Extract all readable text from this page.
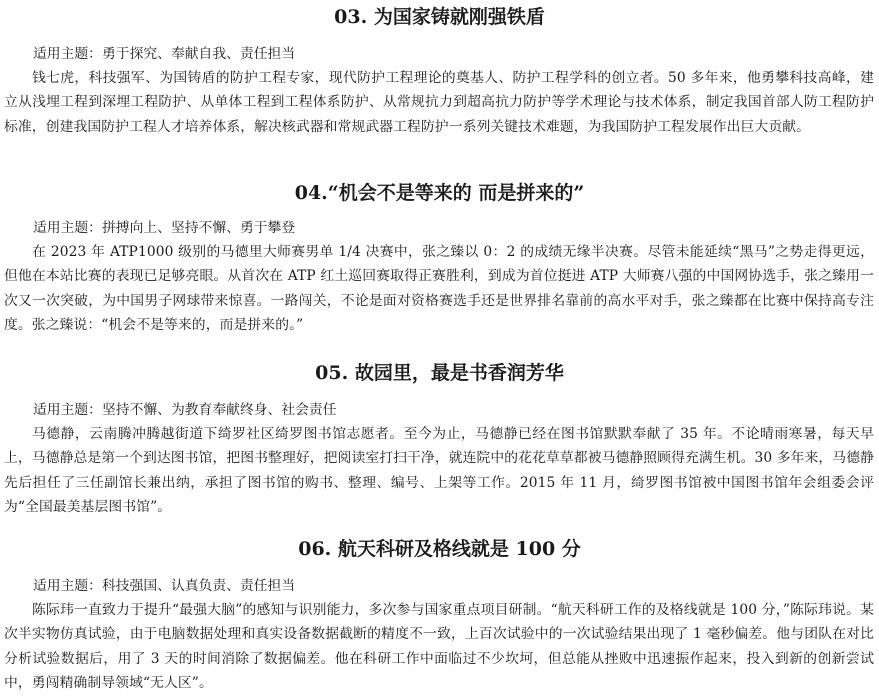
03. 为国家铸就刚强铁盾
适用主题：勇于探究、奉献自我、责任担当
钱七虎，科技强军、为国铸盾的防护工程专家，现代防护工程理论的奠基人、防护工程学科的创立者。50 多年来，他勇攀科技高峰，建立从浅埋工程到深埋工程防护、从单体工程到工程体系防护、从常规抗力到超高抗力防护等学术理论与技术体系，制定我国首部人防工程防护标准，创建我国防护工程人才培养体系，解决核武器和常规武器工程防护一系列关键技术难题，为我国防护工程发展作出巨大贡献。
04.“机会不是等来的 而是拼来的”
适用主题：拼搏向上、坚持不懈、勇于攀登
在 2023 年 ATP1000 级别的马德里大师赛男单 1/4 决赛中，张之臻以 0：2 的成绩无缘半决赛。尽管未能延续“黑马”之势走得更远，但他在本站比赛的表现已足够亮眼。从首次在 ATP 红土巡回赛取得正赛胜利，到成为首位挺进 ATP 大师赛八强的中国网协选手，张之臻用一次又一次突破，为中国男子网球带来惊喜。一路闯关，不论是面对资格赛选手还是世界排名靠前的高水平对手，张之臻都在比赛中保持高专注度。张之臻说：“机会不是等来的，而是拼来的。”
05. 故园里，最是书香润芳华
适用主题：坚持不懈、为教育奉献终身、社会责任
马德静，云南腾冲腾越街道下绮罗社区绮罗图书馆志愿者。至今为止，马德静已经在图书馆默默奉献了 35 年。不论晴雨寒暑，每天早上，马德静总是第一个到达图书馆，把图书整理好，把阅读室打扫干净，就连院中的花花草草都被马德静照顾得充满生机。30 多年来，马德静先后担任了三任副馆长兼出纳，承担了图书馆的购书、整理、编号、上架等工作。2015 年 11 月，绮罗图书馆被中国图书馆年会组委会评为“全国最美基层图书馆”。
06. 航天科研及格线就是 100 分
适用主题：科技强国、认真负责、责任担当
陈际玮一直致力于提升“最强大脑”的感知与识别能力，多次参与国家重点项目研制。“航天科研工作的及格线就是 100 分，”陈际玮说。某次半实物仿真试验，由于电脑数据处理和真实设备数据截断的精度不一致，上百次试验中的一次试验结果出现了 1 毫秒偏差。他与团队在对比分析试验数据后，用了 3 天的时间消除了数据偏差。他在科研工作中面临过不少坎坷，但总能从挫败中迅速振作起来，投入到新的创新尝试中，勇闯精确制导领域“无人区”。
